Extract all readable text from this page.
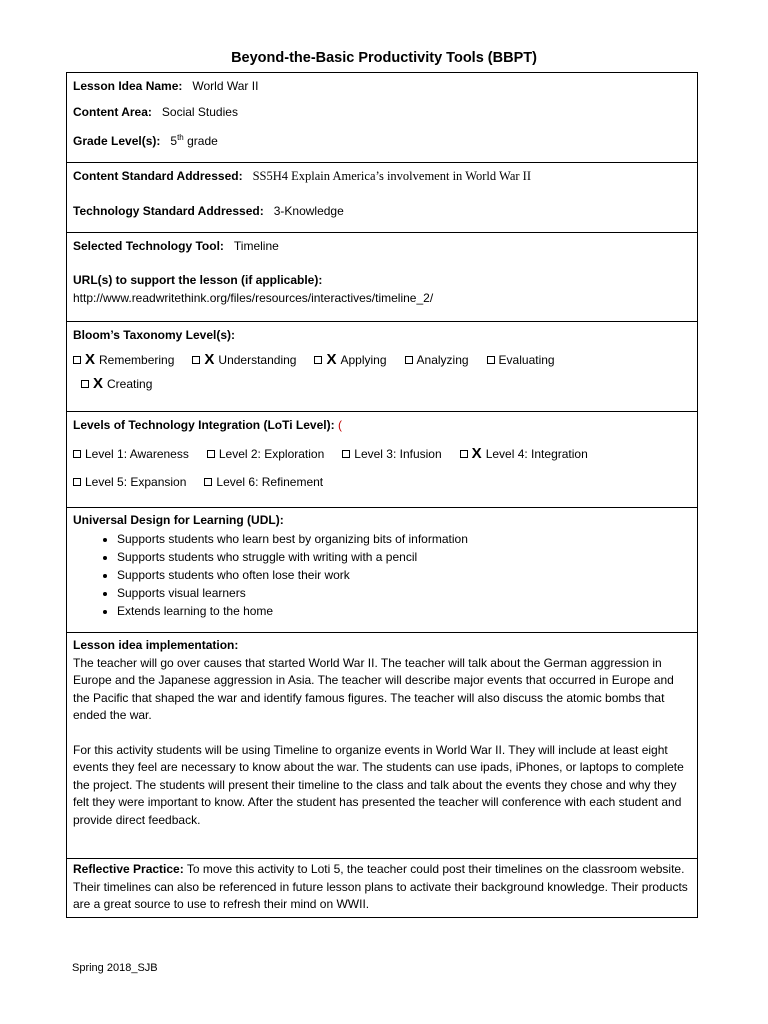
Beyond-the-Basic Productivity Tools (BBPT)
Lesson Idea Name: World War II
Content Area: Social Studies
Grade Level(s): 5th grade
Content Standard Addressed: SS5H4 Explain America’s involvement in World War II
Technology Standard Addressed: 3-Knowledge
Selected Technology Tool: Timeline
URL(s) to support the lesson (if applicable):
http://www.readwritethink.org/files/resources/interactives/timeline_2/
Bloom’s Taxonomy Level(s):
X Remembering X Understanding X Applying	Analyzing	Evaluating
X Creating
Levels of Technology Integration (LoTi Level): (
Level 1: Awareness	Level 2: Exploration	Level 3: Infusion X Level 4: Integration
Level 5: Expansion	Level 6: Refinement
Universal Design for Learning (UDL):
• Supports students who learn best by organizing bits of information
• Supports students who struggle with writing with a pencil
• Supports students who often lose their work
• Supports visual learners
• Extends learning to the home

Lesson idea implementation:

The teacher will go over causes that started World War II. The teacher will talk about the German aggression in Europe and the Japanese aggression in Asia. The teacher will describe major events that occurred in Europe and the Pacific that shaped the war and identify famous figures. The teacher will also discuss the atomic bombs that ended the war.

For this activity students will be using Timeline to organize events in World War II. They will include at least eight events they feel are necessary to know about the war. The students can use ipads, iPhones, or laptops to complete the project. The students will present their timeline to the class and talk about the events they chose and why they felt they were important to know. After the student has presented the teacher will conference with each student and provide direct feedback.

Reflective Practice: To move this activity to Loti 5, the teacher could post their timelines on the classroom website. Their timelines can also be referenced in future lesson plans to activate their background knowledge. Their products are a great source to use to refresh their mind on WWII.

Spring 2018_SJB
